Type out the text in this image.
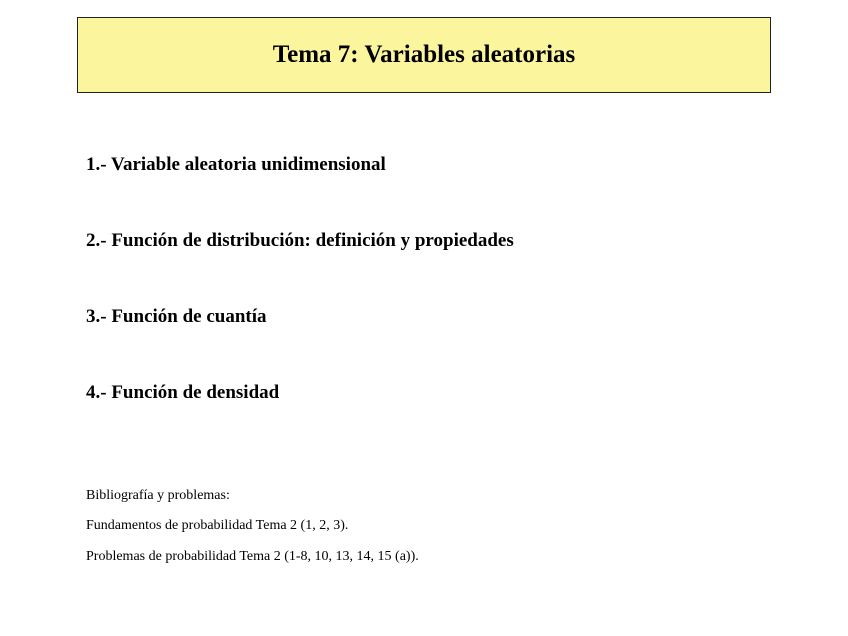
Tema 7: Variables aleatorias
1.- Variable aleatoria unidimensional
2.- Función de distribución: definición y propiedades
3.- Función de cuantía
4.- Función de densidad
Bibliografía y problemas:
Fundamentos de probabilidad Tema 2 (1, 2, 3).
Problemas de probabilidad Tema 2 (1-8, 10, 13, 14, 15 (a)).
